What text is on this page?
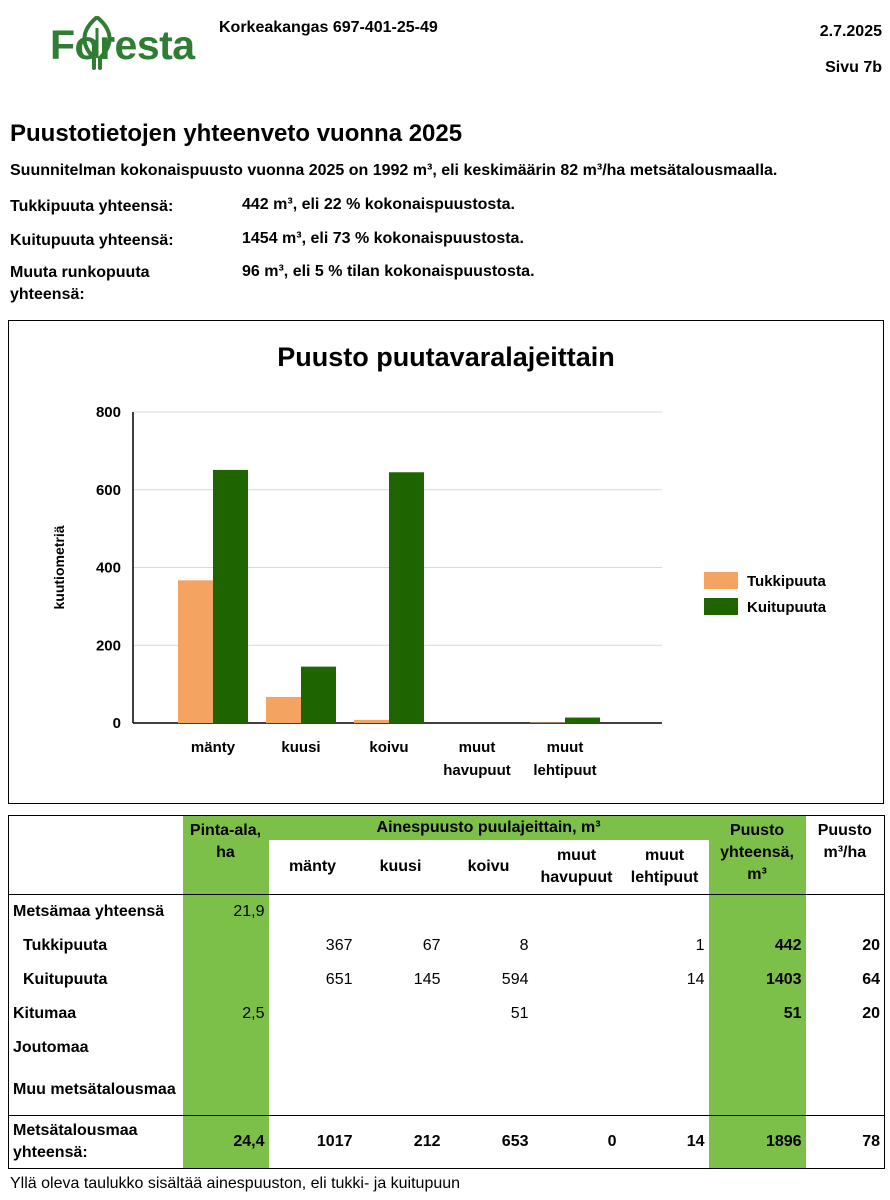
Foresta Korkeakangas 697-401-25-49	2.7.2025
Sivu 7b
Puustotietojen yhteenveto vuonna 2025
Suunnitelman kokonaispuusto vuonna 2025 on 1992 m³, eli keskimäärin 82 m³/ha metsätalousmaalla.
Tukkipuuta yhteensä:	442 m³, eli 22 % kokonaispuustosta.
Kuitupuuta yhteensä:	1454 m³, eli 73 % kokonaispuustosta.
Muuta runkopuuta yhteensä:
96 m³, eli 5 % tilan kokonaispuustosta.
Puusto puutavaralajeittain
0
200
400
600
800
kuutiometriä
mänty	kuusi	koivu	muut
havupuut
muut
lehtipuut
Tukkipuuta
Kuitupuuta
	Pinta-ala, ha	Ainespuusto puulajeittain, m³					Puusto yhteensä, m³	Puusto m³/ha
		mänty	kuusi	koivu	muut havupuut	muut lehtipuut		
Metsämaa yhteensä	21,9							
Tukkipuuta		367	67	8		1	442	20
Kuitupuuta		651	145	594		14	1403	64
Kitumaa	2,5			51			51	20
Joutomaa								
Muu metsätalousmaa								
Metsätalousmaa yhteensä:	24,4	1017	212	653	0	14	1896	78
Yllä oleva taulukko sisältää ainespuuston, eli tukki- ja kuitupuun
